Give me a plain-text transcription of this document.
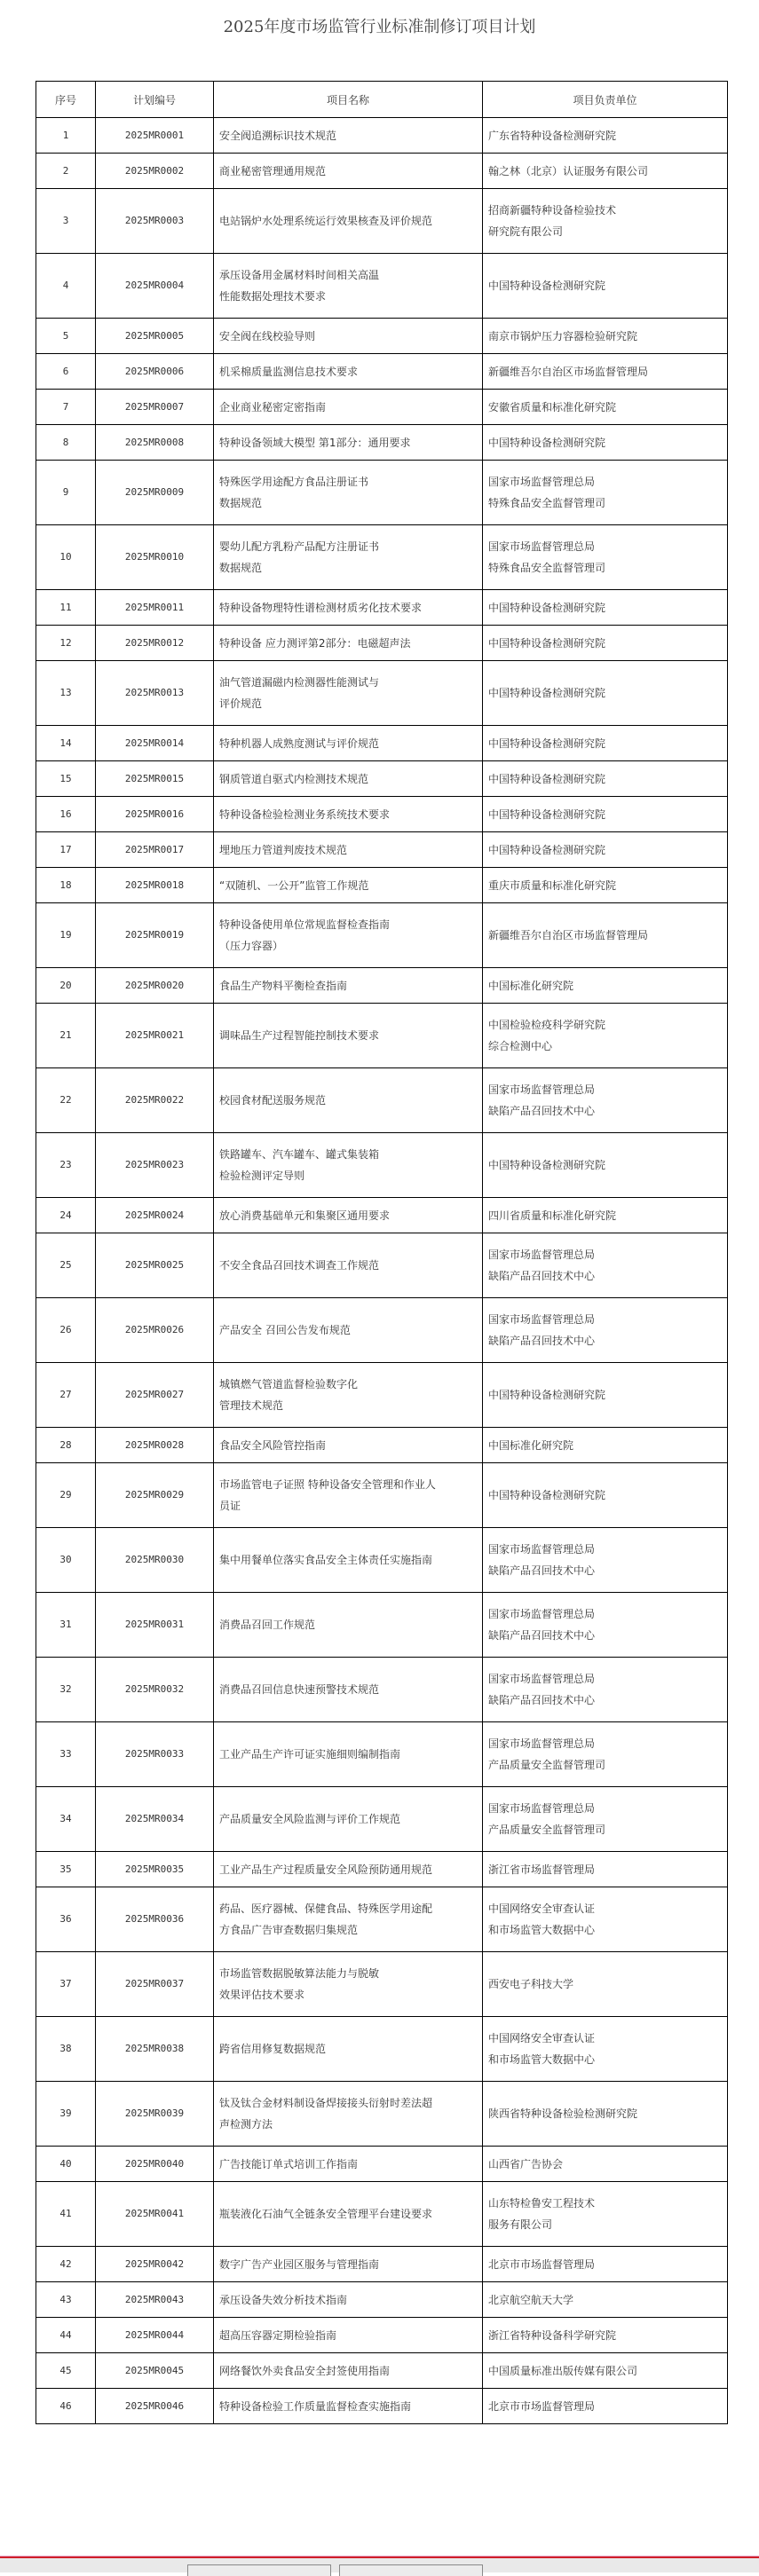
2025年度市场监管行业标准制修订项目计划
序号	计划编号	项目名称	项目负责单位
1	2025MR0001	安全阀追溯标识技术规范	广东省特种设备检测研究院

2	2025MR0002	商业秘密管理通用规范	翰之林（北京）认证服务有限公司

3	2025MR0003	电站锅炉水处理系统运行效果核查及评价规范	招商新疆特种设备检验技术
研究院有限公司

4	2025MR0004	承压设备用金属材料时间相关高温
性能数据处理技术要求	中国特种设备检测研究院

5	2025MR0005	安全阀在线校验导则	南京市锅炉压力容器检验研究院

6	2025MR0006	机采棉质量监测信息技术要求	新疆维吾尔自治区市场监督管理局

7	2025MR0007	企业商业秘密定密指南	安徽省质量和标准化研究院

8	2025MR0008	特种设备领域大模型 第1部分：通用要求	中国特种设备检测研究院

9	2025MR0009	特殊医学用途配方食品注册证书
数据规范	国家市场监督管理总局
特殊食品安全监督管理司

10	2025MR0010	婴幼儿配方乳粉产品配方注册证书
数据规范	国家市场监督管理总局
特殊食品安全监督管理司

11	2025MR0011	特种设备物理特性谱检测材质劣化技术要求	中国特种设备检测研究院

12	2025MR0012	特种设备 应力测评第2部分：电磁超声法	中国特种设备检测研究院

13	2025MR0013	油气管道漏磁内检测器性能测试与
评价规范	中国特种设备检测研究院

14	2025MR0014	特种机器人成熟度测试与评价规范	中国特种设备检测研究院

15	2025MR0015	钢质管道自驱式内检测技术规范	中国特种设备检测研究院

16	2025MR0016	特种设备检验检测业务系统技术要求	中国特种设备检测研究院

17	2025MR0017	埋地压力管道判废技术规范	中国特种设备检测研究院

18	2025MR0018	“双随机、一公开”监管工作规范	重庆市质量和标准化研究院

19	2025MR0019	特种设备使用单位常规监督检查指南
（压力容器）	新疆维吾尔自治区市场监督管理局

20	2025MR0020	食品生产物料平衡检查指南	中国标准化研究院

21	2025MR0021	调味品生产过程智能控制技术要求	中国检验检疫科学研究院
综合检测中心

22	2025MR0022	校园食材配送服务规范	国家市场监督管理总局
缺陷产品召回技术中心

23	2025MR0023	铁路罐车、汽车罐车、罐式集装箱
检验检测评定导则	中国特种设备检测研究院

24	2025MR0024	放心消费基础单元和集聚区通用要求	四川省质量和标准化研究院

25	2025MR0025	不安全食品召回技术调查工作规范	国家市场监督管理总局
缺陷产品召回技术中心

26	2025MR0026	产品安全 召回公告发布规范	国家市场监督管理总局
缺陷产品召回技术中心

27	2025MR0027	城镇燃气管道监督检验数字化
管理技术规范	中国特种设备检测研究院

28	2025MR0028	食品安全风险管控指南	中国标准化研究院

29	2025MR0029	市场监管电子证照 特种设备安全管理和作业人
员证	中国特种设备检测研究院

30	2025MR0030	集中用餐单位落实食品安全主体责任实施指南	国家市场监督管理总局
缺陷产品召回技术中心

31	2025MR0031	消费品召回工作规范	国家市场监督管理总局
缺陷产品召回技术中心

32	2025MR0032	消费品召回信息快速预警技术规范	国家市场监督管理总局
缺陷产品召回技术中心

33	2025MR0033	工业产品生产许可证实施细则编制指南	国家市场监督管理总局
产品质量安全监督管理司

34	2025MR0034	产品质量安全风险监测与评价工作规范	国家市场监督管理总局
产品质量安全监督管理司

35	2025MR0035	工业产品生产过程质量安全风险预防通用规范	浙江省市场监督管理局

36	2025MR0036	药品、医疗器械、保健食品、特殊医学用途配
方食品广告审查数据归集规范	中国网络安全审查认证
和市场监管大数据中心

37	2025MR0037	市场监管数据脱敏算法能力与脱敏
效果评估技术要求	西安电子科技大学

38	2025MR0038	跨省信用修复数据规范	中国网络安全审查认证
和市场监管大数据中心

39	2025MR0039	钛及钛合金材料制设备焊接接头衍射时差法超
声检测方法	陕西省特种设备检验检测研究院

40	2025MR0040	广告技能订单式培训工作指南	山西省广告协会

41	2025MR0041	瓶装液化石油气全链条安全管理平台建设要求	山东特检鲁安工程技术
服务有限公司

42	2025MR0042	数字广告产业园区服务与管理指南	北京市市场监督管理局

43	2025MR0043	承压设备失效分析技术指南	北京航空航天大学

44	2025MR0044	超高压容器定期检验指南	浙江省特种设备科学研究院

45	2025MR0045	网络餐饮外卖食品安全封签使用指南	中国质量标准出版传媒有限公司

46	2025MR0046	特种设备检验工作质量监督检查实施指南	北京市市场监督管理局
